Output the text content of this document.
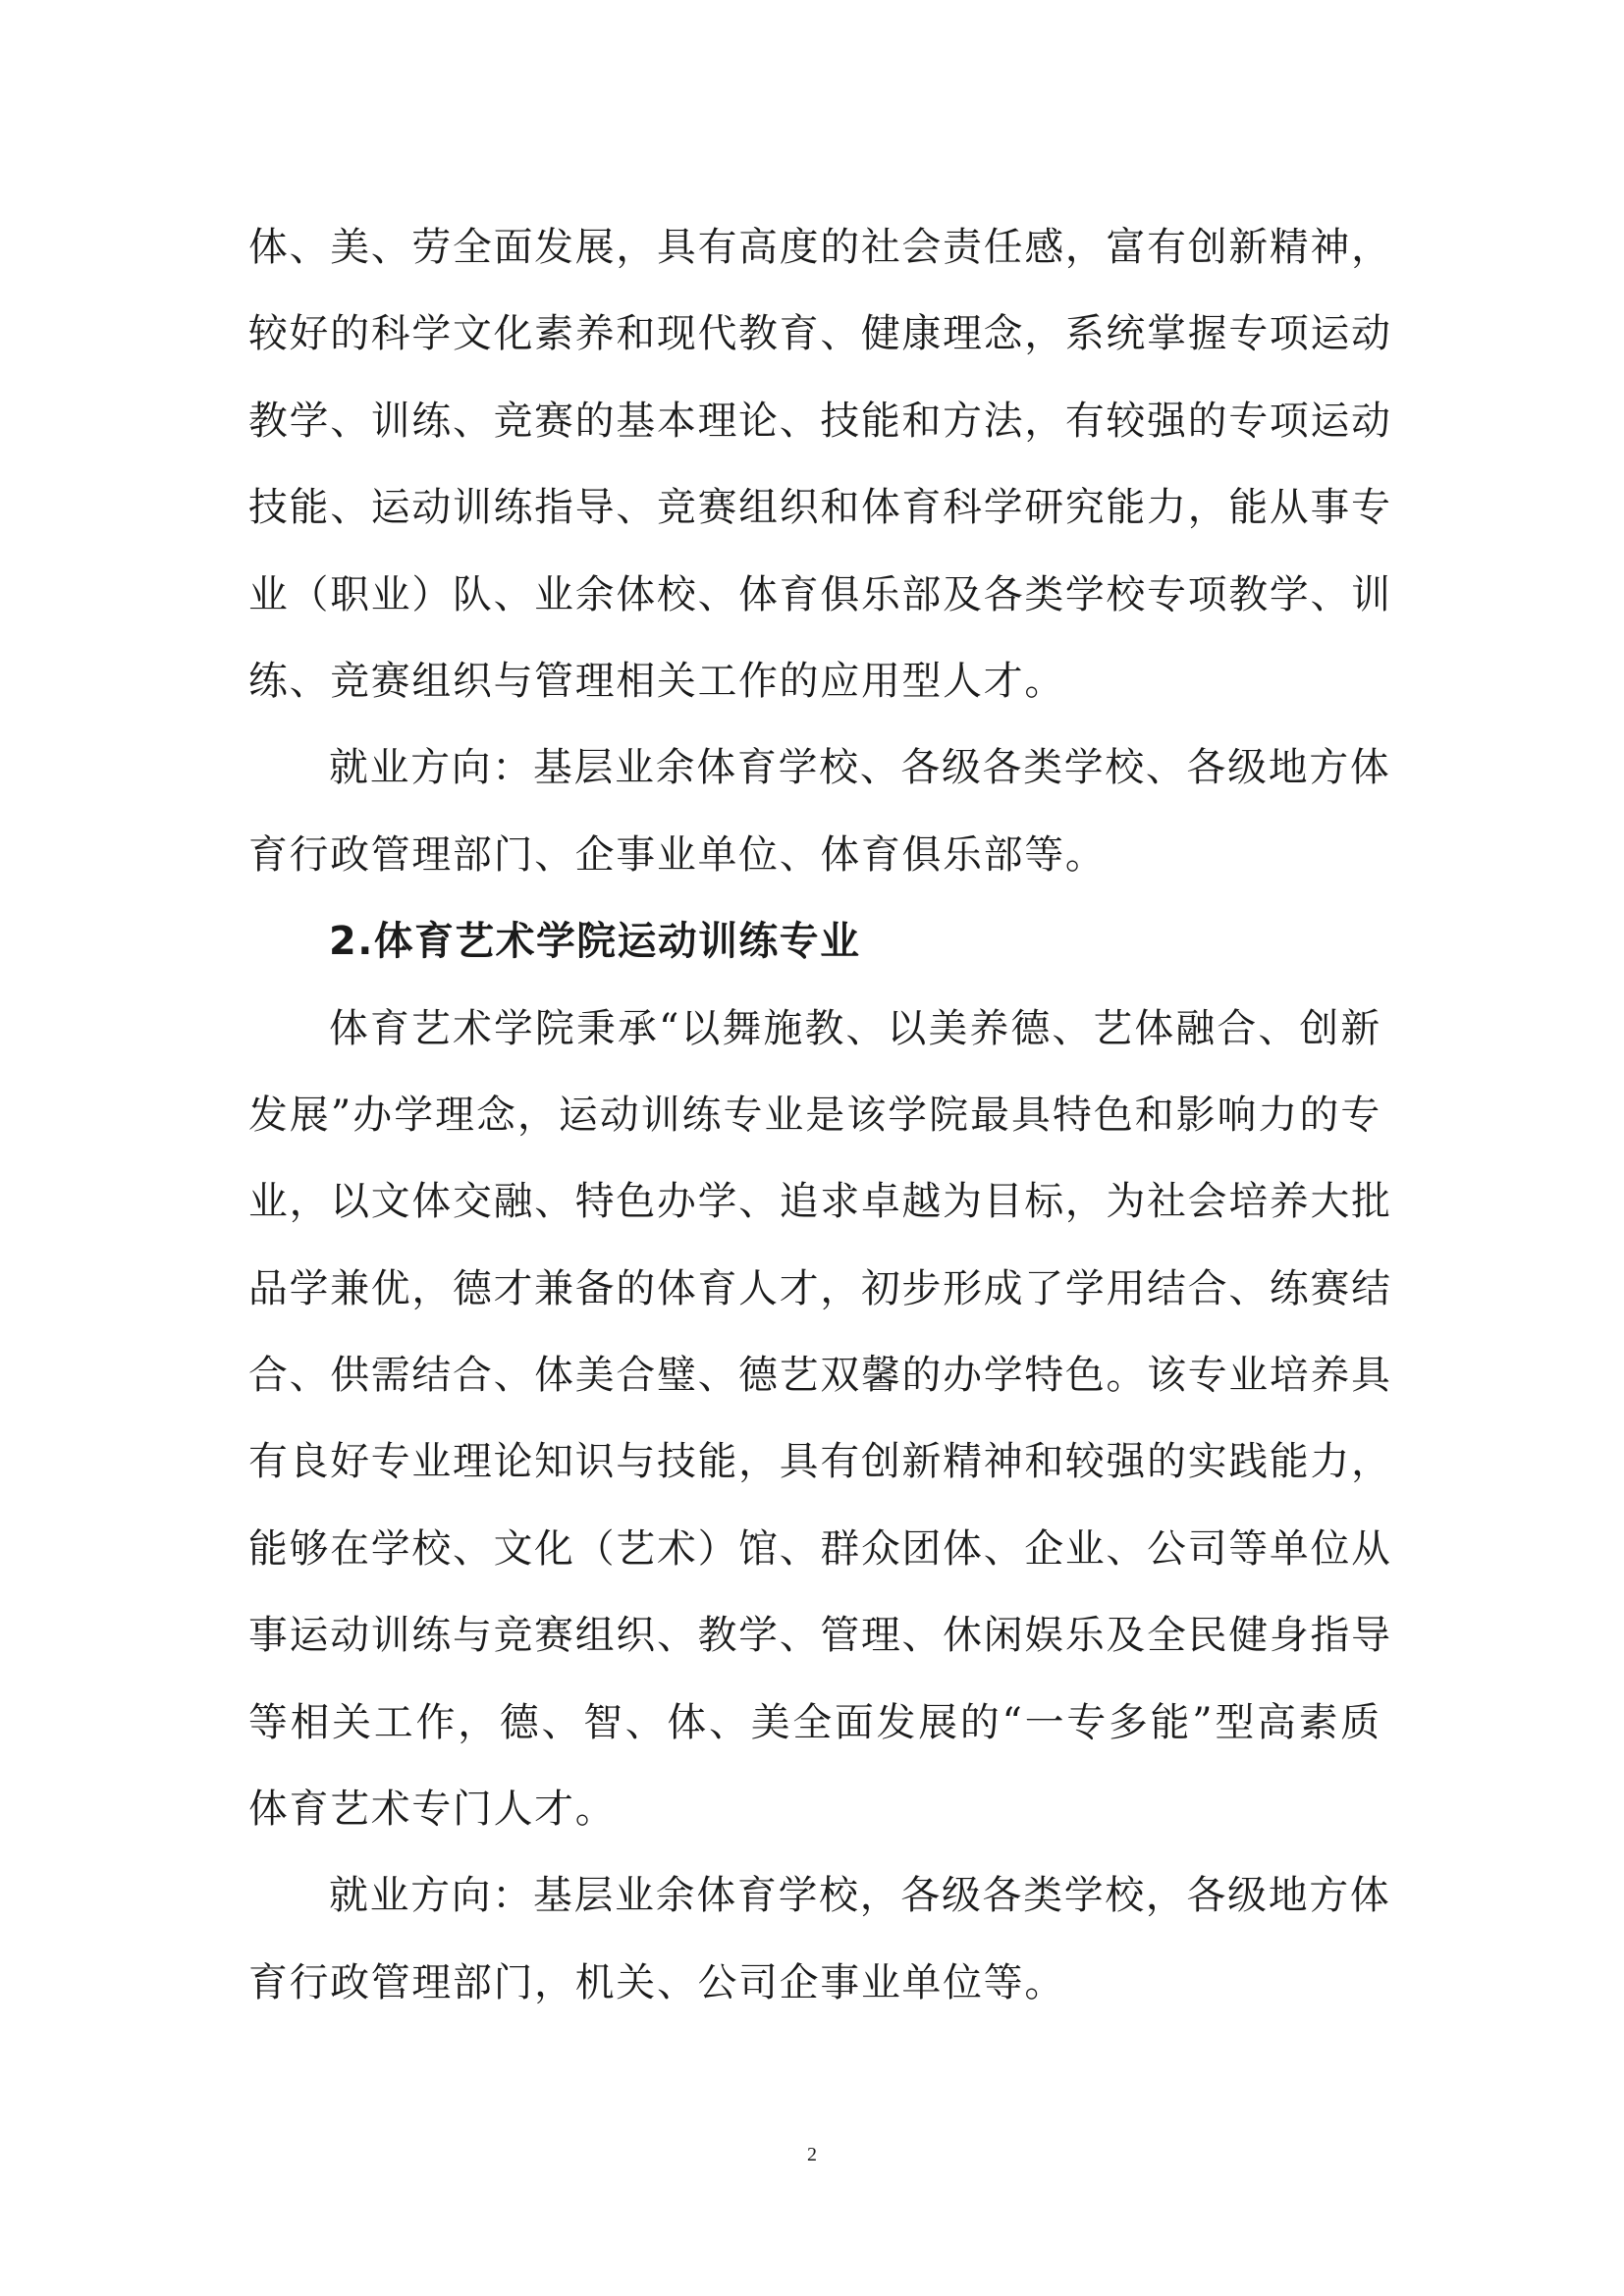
体、美、劳全面发展，具有高度的社会责任感，富有创新精神，
较好的科学文化素养和现代教育、健康理念，系统掌握专项运动
教学、训练、竞赛的基本理论、技能和方法，有较强的专项运动
技能、运动训练指导、竞赛组织和体育科学研究能力，能从事专
业（职业）队、业余体校、体育俱乐部及各类学校专项教学、训
练、竞赛组织与管理相关工作的应用型人才。
就业方向：基层业余体育学校、各级各类学校、各级地方体
育行政管理部门、企事业单位、体育俱乐部等。
2.体育艺术学院运动训练专业
体育艺术学院秉承“以舞施教、以美养德、艺体融合、创新
发展”办学理念，运动训练专业是该学院最具特色和影响力的专
业，以文体交融、特色办学、追求卓越为目标，为社会培养大批
品学兼优，德才兼备的体育人才，初步形成了学用结合、练赛结
合、供需结合、体美合璧、德艺双馨的办学特色。该专业培养具
有良好专业理论知识与技能，具有创新精神和较强的实践能力，
能够在学校、文化（艺术）馆、群众团体、企业、公司等单位从
事运动训练与竞赛组织、教学、管理、休闲娱乐及全民健身指导
等相关工作，德、智、体、美全面发展的“一专多能”型高素质
体育艺术专门人才。
就业方向：基层业余体育学校，各级各类学校，各级地方体
育行政管理部门，机关、公司企事业单位等。
2
